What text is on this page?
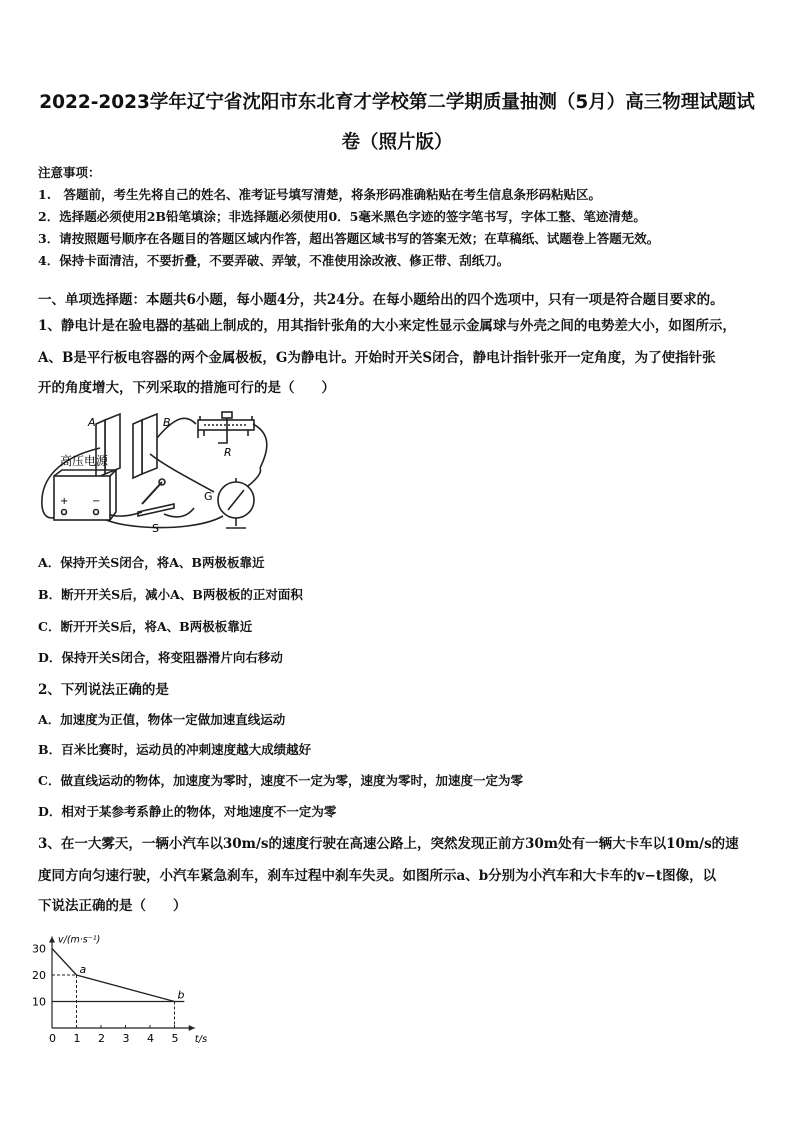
2022-2023学年辽宁省沈阳市东北育才学校第二学期质量抽测（5月）高三物理试题试
卷（照片版）
注意事项：
1.　答题前，考生先将自己的姓名、准考证号填写清楚，将条形码准确粘贴在考生信息条形码粘贴区。
2．选择题必须使用2B铅笔填涂；非选择题必须使用0．5毫米黑色字迹的签字笔书写，字体工整、笔迹清楚。
3．请按照题号顺序在各题目的答题区域内作答，超出答题区域书写的答案无效；在草稿纸、试题卷上答题无效。
4．保持卡面清洁，不要折叠，不要弄破、弄皱，不准使用涂改液、修正带、刮纸刀。
一、单项选择题：本题共6小题，每小题4分，共24分。在每小题给出的四个选项中，只有一项是符合题目要求的。
1、静电计是在验电器的基础上制成的，用其指针张角的大小来定性显示金属球与外壳之间的电势差大小，如图所示，
A、B是平行板电容器的两个金属极板，G为静电计。开始时开关S闭合，静电计指针张开一定角度，为了使指针张
开的角度增大，下列采取的措施可行的是（　　）
A	B
高压电源
+ −
S
R
G
A．保持开关S闭合，将A、B两极板靠近
B．断开开关S后，减小A、B两极板的正对面积
C．断开开关S后，将A、B两极板靠近
D．保持开关S闭合，将变阻器滑片向右移动
2、下列说法正确的是
A．加速度为正值，物体一定做加速直线运动
B．百米比赛时，运动员的冲刺速度越大成绩越好
C．做直线运动的物体，加速度为零时，速度不一定为零，速度为零时，加速度一定为零
D．相对于某参考系静止的物体，对地速度不一定为零
3、在一大雾天，一辆小汽车以30m/s的速度行驶在高速公路上，突然发现正前方30m处有一辆大卡车以10m/s的速
度同方向匀速行驶，小汽车紧急刹车，刹车过程中刹车失灵。如图所示a、b分别为小汽车和大卡车的v−t图像，以
下说法正确的是（　　）
v/(m·s⁻¹)
t/s
0 1 2 3 4 5
10
20
30
a
b
